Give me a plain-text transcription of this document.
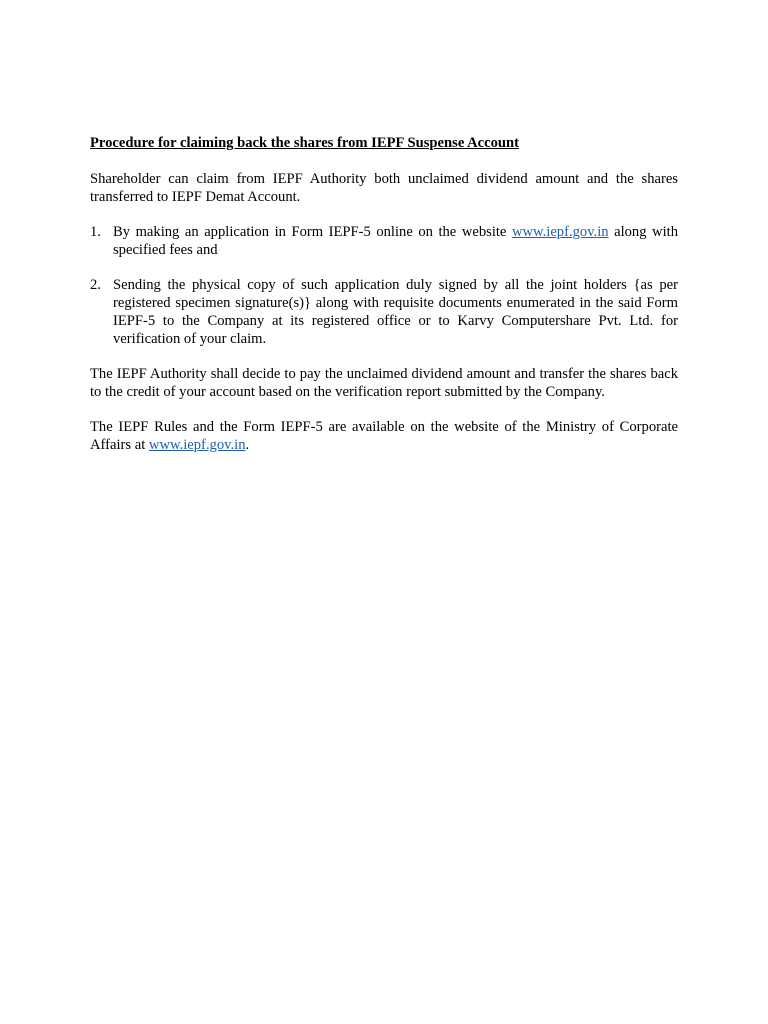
Procedure for claiming back the shares from IEPF Suspense Account

Shareholder can claim from IEPF Authority both unclaimed dividend amount and the shares transferred to IEPF Demat Account.

1. By making an application in Form IEPF-5 online on the website www.iepf.gov.in along with specified fees and
2. Sending the physical copy of such application duly signed by all the joint holders {as per registered specimen signature(s)} along with requisite documents enumerated in the said Form IEPF-5 to the Company at its registered office or to Karvy Computershare Pvt. Ltd. for verification of your claim.

The IEPF Authority shall decide to pay the unclaimed dividend amount and transfer the shares back to the credit of your account based on the verification report submitted by the Company.

The IEPF Rules and the Form IEPF-5 are available on the website of the Ministry of Corporate Affairs at www.iepf.gov.in.
